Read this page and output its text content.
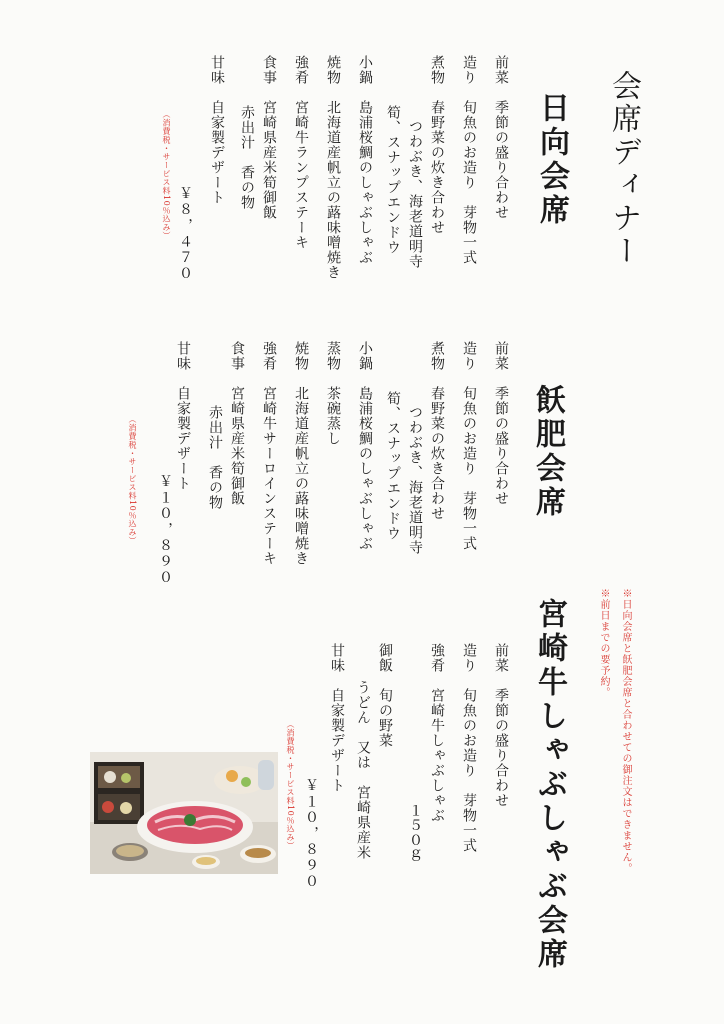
会席ディナー
日向会席
前菜　季節の盛り合わせ
造り　旬魚のお造り　芽物一式
煮物　春野菜の炊き合わせ
つわぶき、海老道明寺
筍、スナップエンドウ
小鍋　島浦桜鯛のしゃぶしゃぶ
焼物　北海道産帆立の蕗味噌焼き
強肴　宮崎牛ランプステーキ
食事　宮崎県産米筍御飯
赤出汁　香の物
甘味　自家製デザート
￥８，４７０
（消費税・サービス料10％込み）
飫肥会席
前菜　季節の盛り合わせ
造り　旬魚のお造り　芽物一式
煮物　春野菜の炊き合わせ
つわぶき、海老道明寺
筍、スナップエンドウ
小鍋　島浦桜鯛のしゃぶしゃぶ
蒸物　茶碗蒸し
焼物　北海道産帆立の蕗味噌焼き
強肴　宮崎牛サーロインステーキ
食事　宮崎県産米筍御飯
赤出汁　香の物
甘味　自家製デザート
￥１０，８９０
（消費税・サービス料10％込み）
宮崎牛しゃぶしゃぶ会席
前菜　季節の盛り合わせ
造り　旬魚のお造り　芽物一式
強肴　宮崎牛しゃぶしゃぶ
１５０ｇ
御飯　旬の野菜
うどん　又は　宮崎県産米
甘味　自家製デザート
￥１０，８９０
（消費税・サービス料10％込み）	※日向会席と飫肥会席と合わせての御注文はできません。
※前日までの要予約。
